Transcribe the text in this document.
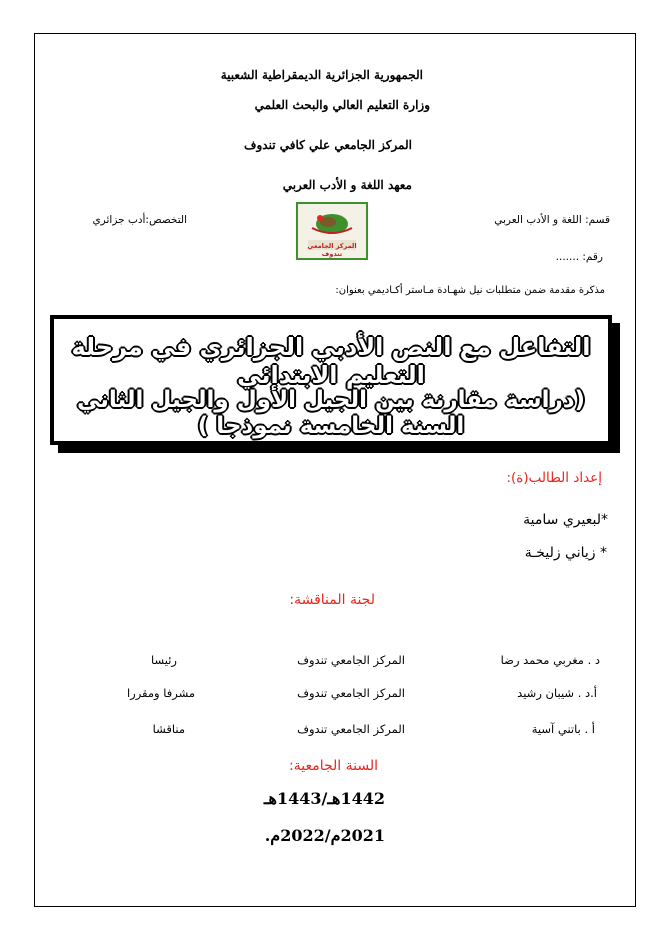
الجمهورية الجزائرية الديمقراطية الشعبية
وزارة التعليم العالي والبحث العلمي
المركز الجامعي علي كافي تندوف
معهد اللغة و الأدب العربي
قسم: اللغة و الأدب العربي
التخصص:أدب جزائري
المركز الجامعي تندوف	رقم: .......
مذكرة مقدمة ضمن متطلبات نيل شهـادة مـاستر أكـاديمي بعنوان:
التفاعل مع النص الأدبي الجزائري في مرحلة التعليم الابتدائي
(دراسة مقارنة بين الجيل الأول والجيل الثاني السنة الخامسة نموذجا )
إعداد الطالب(ة):
*لبعيري سامية
* زياني زليخـة
لجنة المناقشة:
د . مغربي محمد رضا
المركز الجامعي تندوف
رئيسا
أ.د . شيبان رشيد
المركز الجامعي تندوف
مشرفا ومقررا
أ . باتني آسية
المركز الجامعي تندوف
مناقشا
السنة الجامعية:
1442هـ/1443هـ
2021م/2022م.
